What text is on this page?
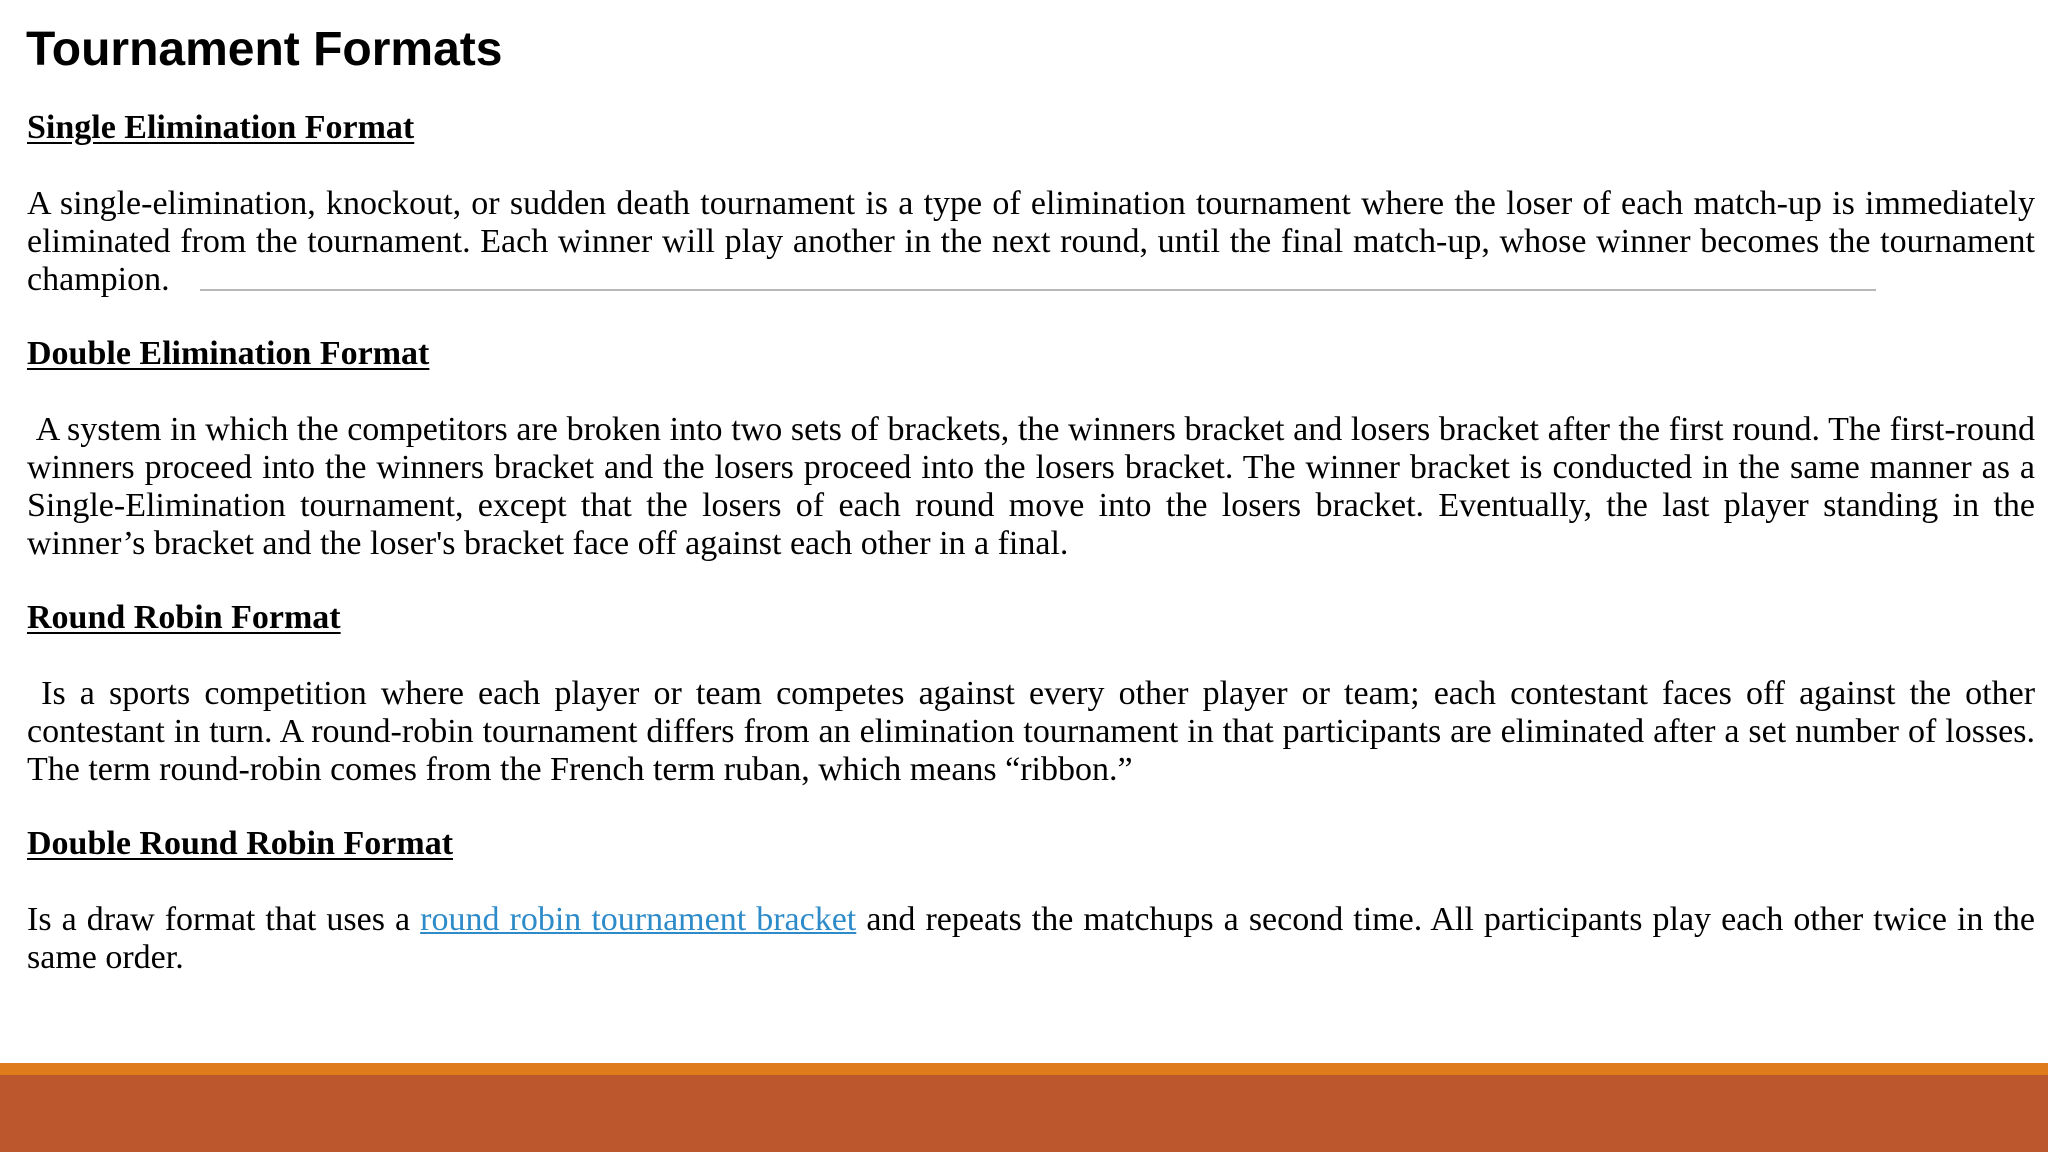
Tournament Formats

Single Elimination Format

A single-elimination, knockout, or sudden death tournament is a type of elimination tournament where the loser of each match-up is immediately eliminated from the tournament. Each winner will play another in the next round, until the final match-up, whose winner becomes the tournament champion.

Double Elimination Format

A system in which the competitors are broken into two sets of brackets, the winners bracket and losers bracket after the first round. The first-round winners proceed into the winners bracket and the losers proceed into the losers bracket. The winner bracket is conducted in the same manner as a Single-Elimination tournament, except that the losers of each round move into the losers bracket. Eventually, the last player standing in the winner’s bracket and the loser's bracket face off against each other in a final.

Round Robin Format

Is a sports competition where each player or team competes against every other player or team; each contestant faces off against the other contestant in turn. A round-robin tournament differs from an elimination tournament in that participants are eliminated after a set number of losses. The term round-robin comes from the French term ruban, which means “ribbon.”

Double Round Robin Format

Is a draw format that uses a round robin tournament bracket and repeats the matchups a second time. All participants play each other twice in the same order.
